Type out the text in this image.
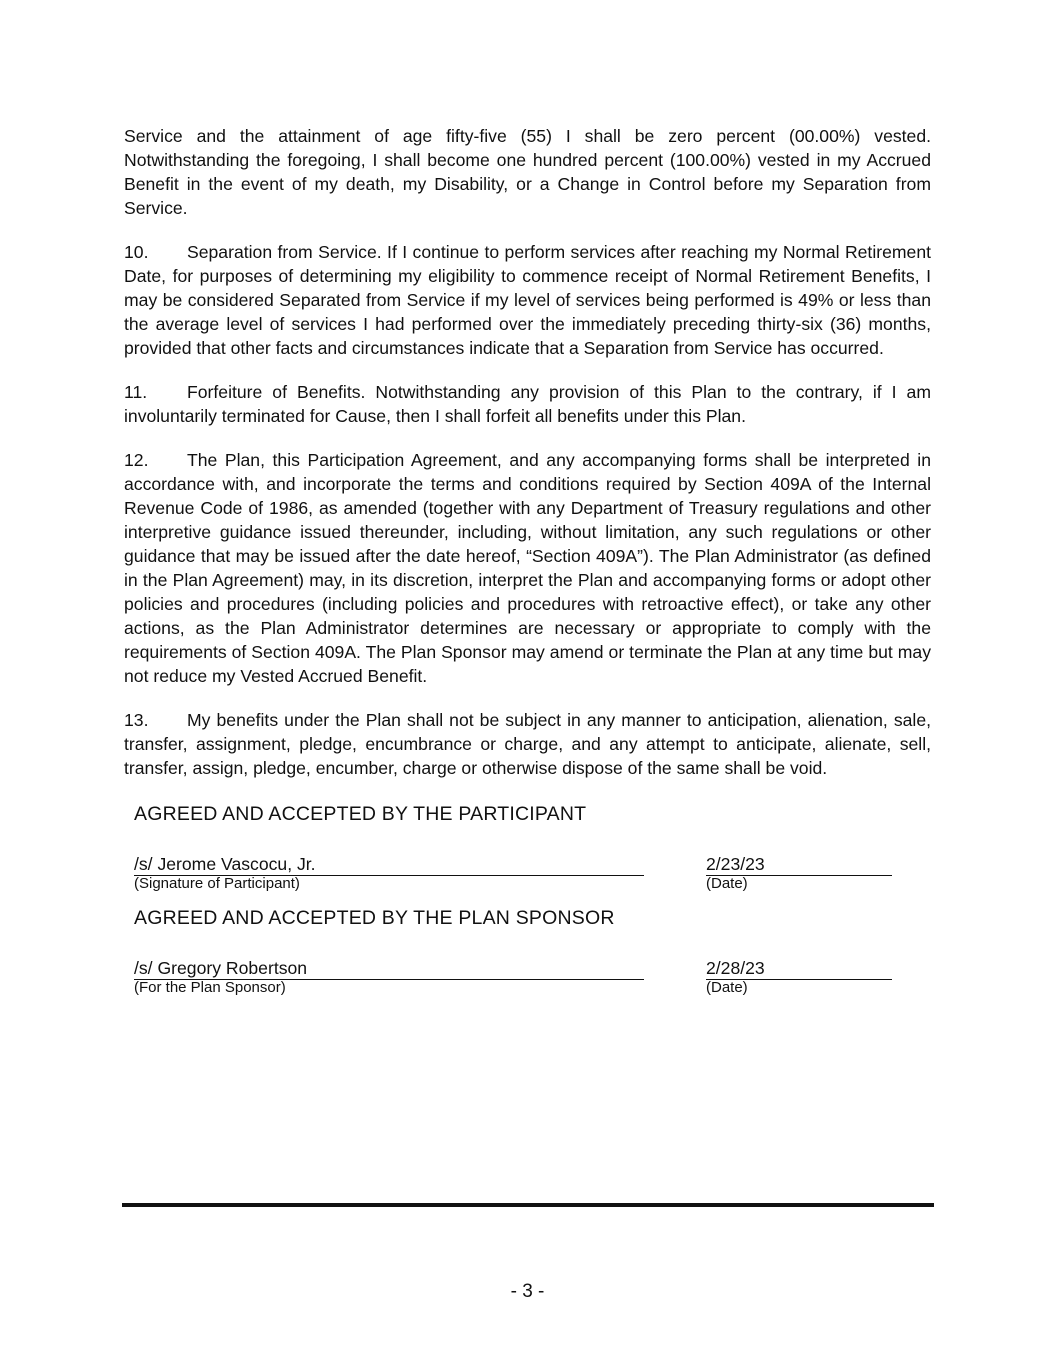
Service and the attainment of age fifty-five (55) I shall be zero percent (00.00%) vested. Notwithstanding the foregoing, I shall become one hundred percent (100.00%) vested in my Accrued Benefit in the event of my death, my Disability, or a Change in Control before my Separation from Service.

10. Separation from Service. If I continue to perform services after reaching my Normal Retirement Date, for purposes of determining my eligibility to commence receipt of Normal Retirement Benefits, I may be considered Separated from Service if my level of services being performed is 49% or less than the average level of services I had performed over the immediately preceding thirty-six (36) months, provided that other facts and circumstances indicate that a Separation from Service has occurred.

11. Forfeiture of Benefits. Notwithstanding any provision of this Plan to the contrary, if I am involuntarily terminated for Cause, then I shall forfeit all benefits under this Plan.

12. The Plan, this Participation Agreement, and any accompanying forms shall be interpreted in accordance with, and incorporate the terms and conditions required by Section 409A of the Internal Revenue Code of 1986, as amended (together with any Department of Treasury regulations and other interpretive guidance issued thereunder, including, without limitation, any such regulations or other guidance that may be issued after the date hereof, “Section 409A”). The Plan Administrator (as defined in the Plan Agreement) may, in its discretion, interpret the Plan and accompanying forms or adopt other policies and procedures (including policies and procedures with retroactive effect), or take any other actions, as the Plan Administrator determines are necessary or appropriate to comply with the requirements of Section 409A. The Plan Sponsor may amend or terminate the Plan at any time but may not reduce my Vested Accrued Benefit.

13. My benefits under the Plan shall not be subject in any manner to anticipation, alienation, sale, transfer, assignment, pledge, encumbrance or charge, and any attempt to anticipate, alienate, sell, transfer, assign, pledge, encumber, charge or otherwise dispose of the same shall be void.

AGREED AND ACCEPTED BY THE PARTICIPANT
/s/ Jerome Vascocu, Jr.	2/23/23
(Signature of Participant)	(Date)
AGREED AND ACCEPTED BY THE PLAN SPONSOR
/s/ Gregory Robertson	2/28/23
(For the Plan Sponsor)	(Date)
- 3 -
